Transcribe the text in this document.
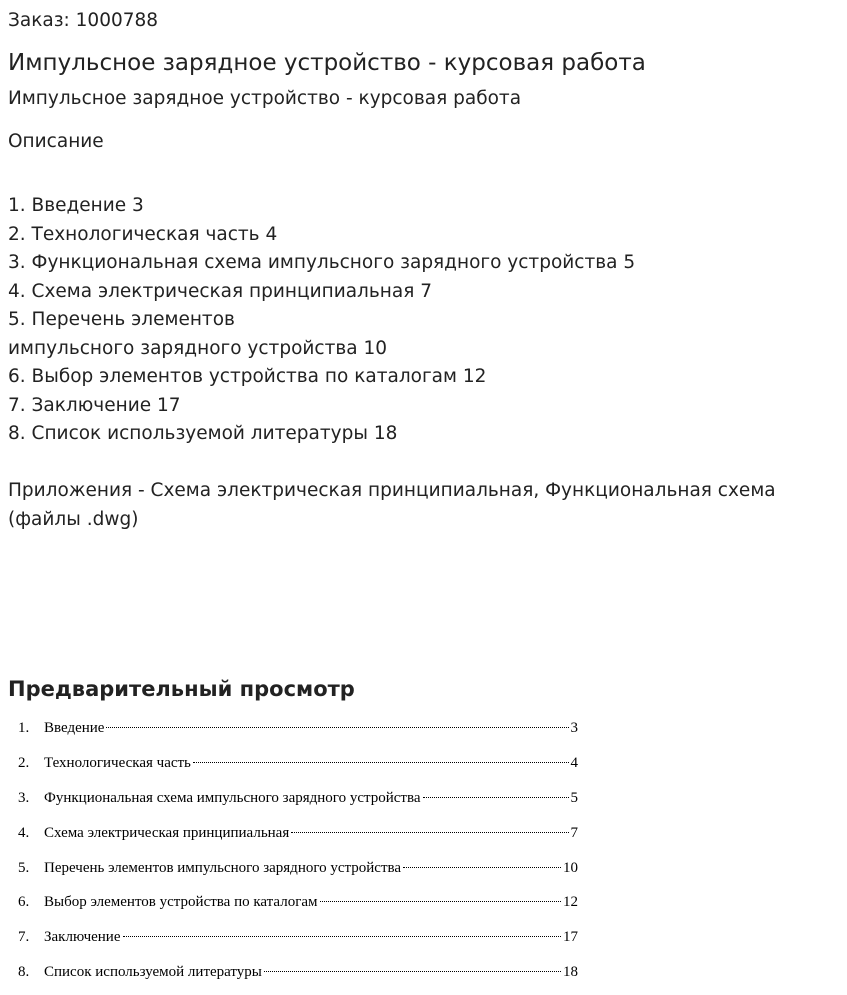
Заказ: 1000788

Импульсное зарядное устройство - курсовая работа

Импульсное зарядное устройство - курсовая работа

Описание

1. Введение 3
2. Технологическая часть 4
3. Функциональная схема импульсного зарядного устройства 5
4. Схема электрическая принципиальная 7
5. Перечень элементов
импульсного зарядного устройства 10
6. Выбор элементов устройства по каталогам 12
7. Заключение 17
8. Список используемой литературы 18

Приложения - Схема электрическая принципиальная, Функциональная схема (файлы .dwg)

Предварительный просмотр
1. Введение	3
2. Технологическая часть	4
3. Функциональная схема импульсного зарядного устройства	5
4. Схема электрическая принципиальная	7
5. Перечень элементов импульсного зарядного устройства	10
6. Выбор элементов устройства по каталогам	12
7. Заключение	17
8. Список используемой литературы	18
